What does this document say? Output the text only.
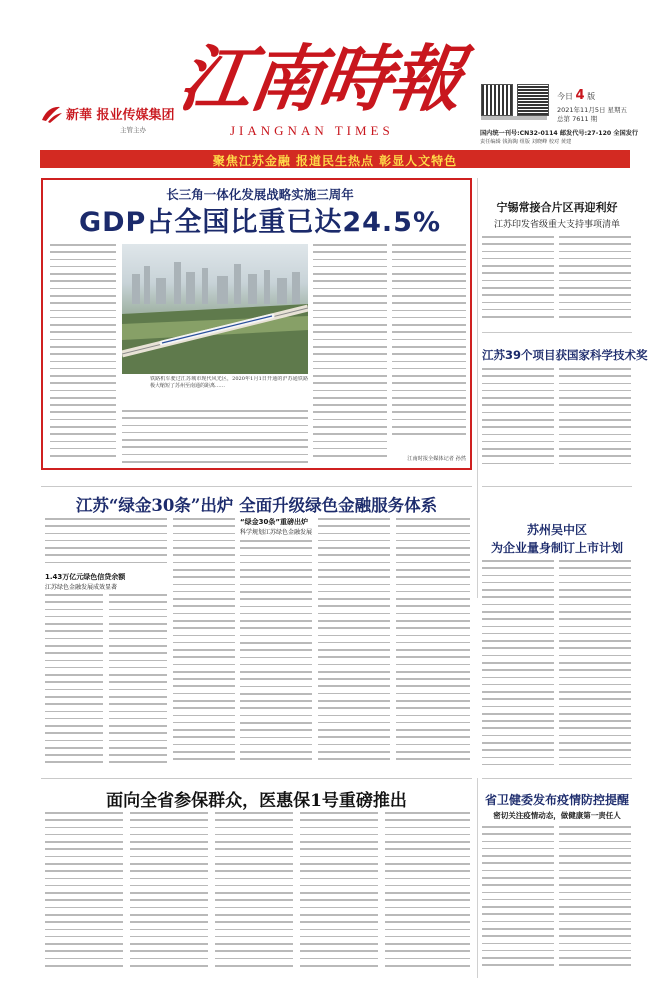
新華 报业传媒集团
主管主办
江南時報
JIANGNAN TIMES
今日 4 版
2021年11月5日 星期五
总第 7611 期
国内统一刊号:CN32-0114 邮发代号:27-120 全国发行
责任编辑 钱海陶 组版 刘晓峰 校对 黄建
聚焦江苏金融 报道民生热点 彰显人文特色
长三角一体化发展战略实施三周年
GDP占全国比重已达24.5%
铁路机车驶过江苏城市现代风光区，2020年1月1日开通的沪苏通铁路 极大缩短了苏州至南通的距离……
江南时报全媒体记者 孙然
宁锡常接合片区再迎利好
江苏印发省级重大支持事项清单
江苏39个项目获国家科学技术奖
江苏“绿金30条”出炉 全面升级绿色金融服务体系
1.43万亿元绿色信贷余额
江苏绿色金融发展成效显著
“绿金30条”重磅出炉
科学规划江苏绿色金融发展	苏州吴中区
为企业量身制订上市计划
面向全省参保群众，医惠保1号重磅推出	省卫健委发布疫情防控提醒
密切关注疫情动态，做健康第一责任人
